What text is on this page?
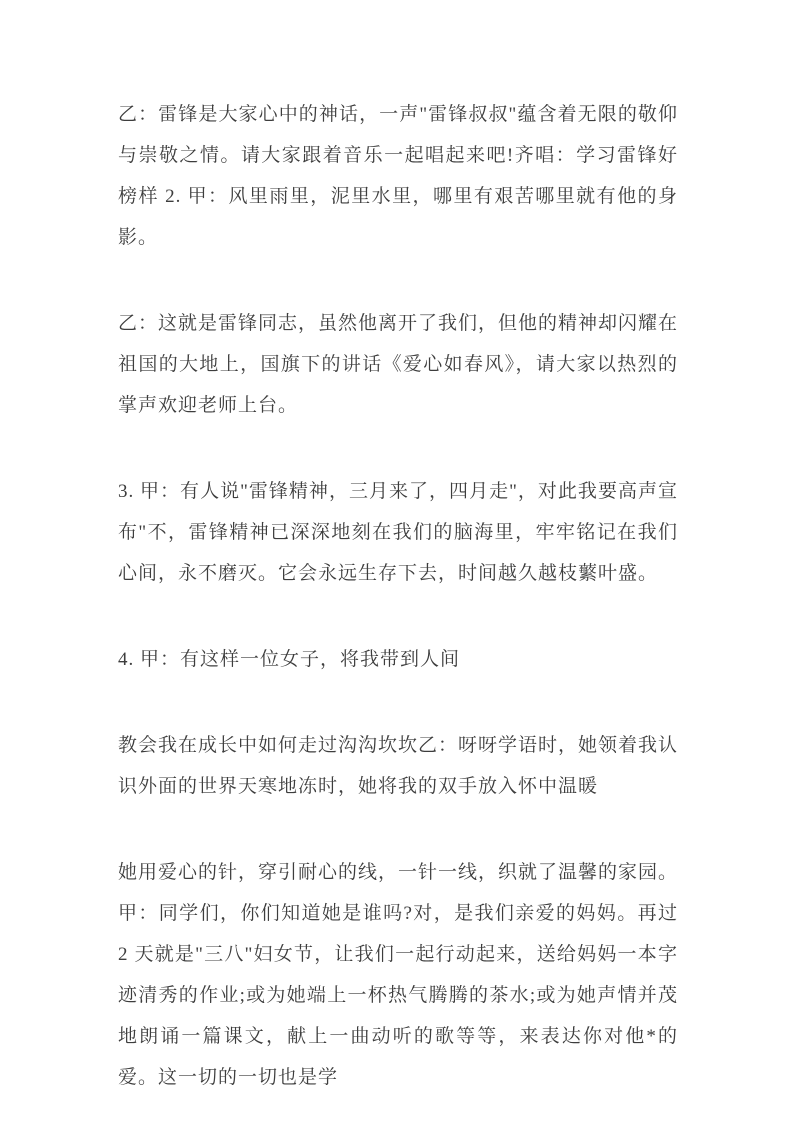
乙：雷锋是大家心中的神话，一声"雷锋叔叔"蕴含着无限的敬仰与崇敬之情。请大家跟着音乐一起唱起来吧!齐唱：学习雷锋好榜样 2. 甲：风里雨里，泥里水里，哪里有艰苦哪里就有他的身影。

乙：这就是雷锋同志，虽然他离开了我们，但他的精神却闪耀在祖国的大地上，国旗下的讲话《爱心如春风》，请大家以热烈的掌声欢迎老师上台。

3. 甲：有人说"雷锋精神，三月来了，四月走"，对此我要高声宣布"不，雷锋精神已深深地刻在我们的脑海里，牢牢铭记在我们心间，永不磨灭。它会永远生存下去，时间越久越枝蘩叶盛。

4. 甲：有这样一位女子，将我带到人间

教会我在成长中如何走过沟沟坎坎乙：呀呀学语时，她领着我认识外面的世界天寒地冻时，她将我的双手放入怀中温暖

她用爱心的针，穿引耐心的线，一针一线，织就了温馨的家园。甲：同学们，你们知道她是谁吗?对，是我们亲爱的妈妈。再过 2 天就是"三八"妇女节，让我们一起行动起来，送给妈妈一本字迹清秀的作业;或为她端上一杯热气腾腾的茶水;或为她声情并茂地朗诵一篇课文，献上一曲动听的歌等等，来表达你对他*的爱。这一切的一切也是学
